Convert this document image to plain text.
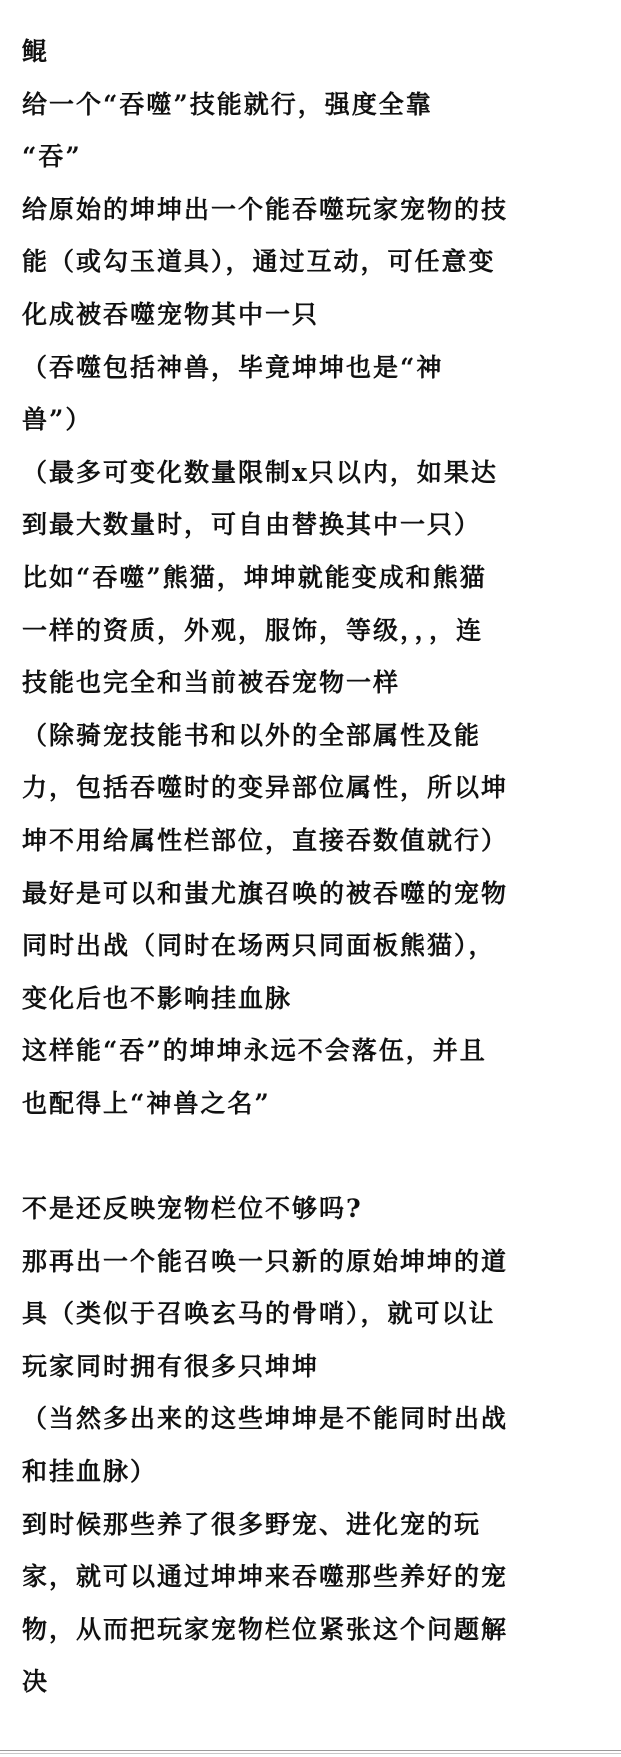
鲲
给一个“吞噬”技能就行，强度全靠
“吞”
给原始的坤坤出一个能吞噬玩家宠物的技
能（或勾玉道具），通过互动，可任意变
化成被吞噬宠物其中一只
（吞噬包括神兽，毕竟坤坤也是“神
兽”）
（最多可变化数量限制x只以内，如果达
到最大数量时，可自由替换其中一只）
比如“吞噬”熊猫，坤坤就能变成和熊猫
一样的资质，外观，服饰，等级，，，连
技能也完全和当前被吞宠物一样
（除骑宠技能书和以外的全部属性及能
力，包括吞噬时的变异部位属性，所以坤
坤不用给属性栏部位，直接吞数值就行）
最好是可以和蚩尤旗召唤的被吞噬的宠物
同时出战（同时在场两只同面板熊猫），
变化后也不影响挂血脉
这样能“吞”的坤坤永远不会落伍，并且
也配得上“神兽之名”
不是还反映宠物栏位不够吗?
那再出一个能召唤一只新的原始坤坤的道
具（类似于召唤玄马的骨哨），就可以让
玩家同时拥有很多只坤坤
（当然多出来的这些坤坤是不能同时出战
和挂血脉）
到时候那些养了很多野宠、进化宠的玩
家，就可以通过坤坤来吞噬那些养好的宠
物，从而把玩家宠物栏位紧张这个问题解
决
